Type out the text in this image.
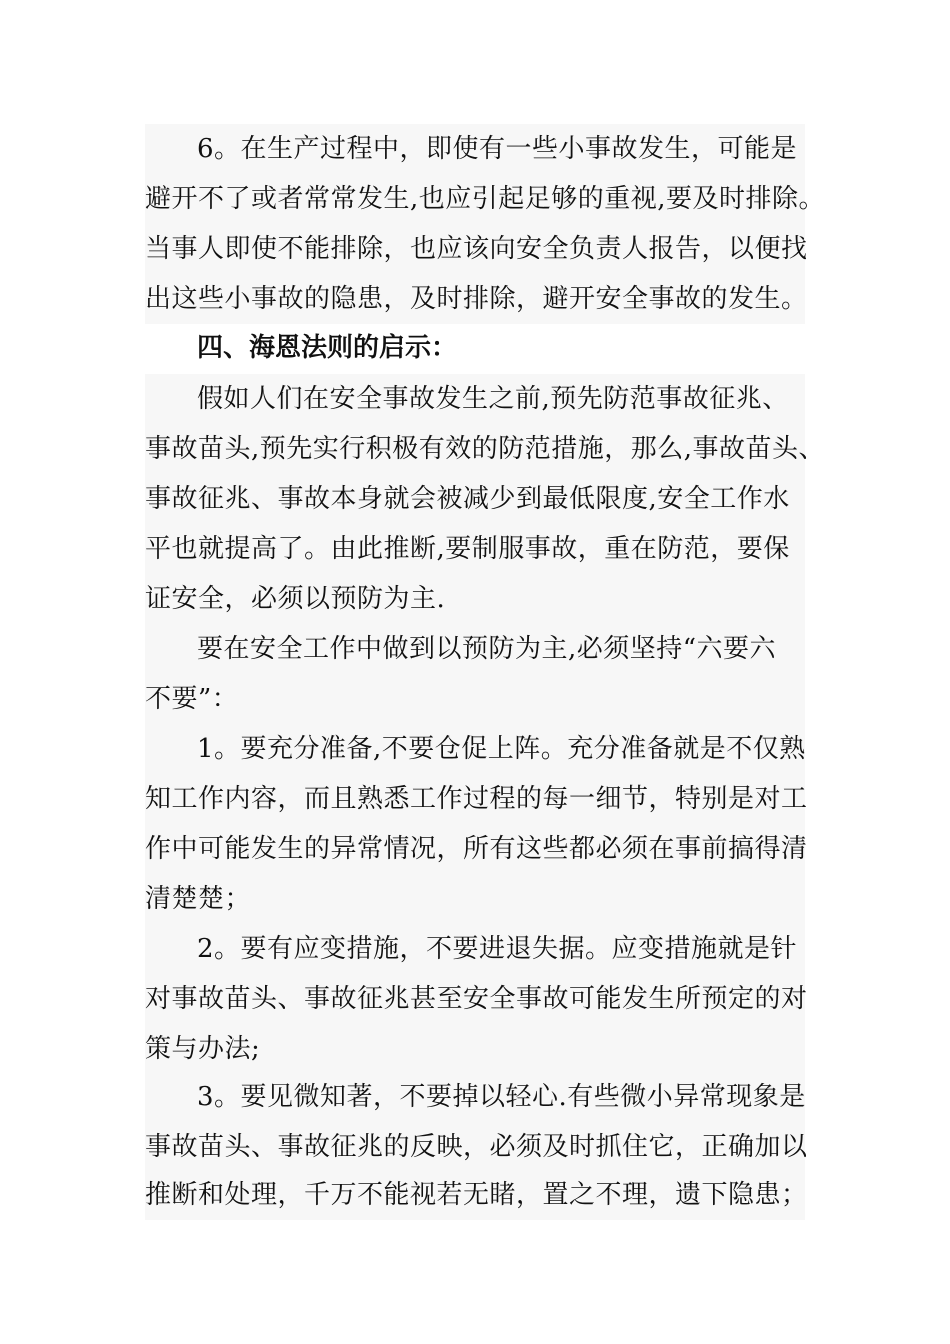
6。在生产过程中，即使有一些小事故发生，可能是
避开不了或者常常发生,也应引起足够的重视,要及时排除。
当事人即使不能排除，也应该向安全负责人报告，以便找
出这些小事故的隐患，及时排除，避开安全事故的发生。
四、海恩法则的启示：
假如人们在安全事故发生之前,预先防范事故征兆、
事故苗头,预先实行积极有效的防范措施，那么,事故苗头、
事故征兆、事故本身就会被减少到最低限度,安全工作水
平也就提高了。由此推断,要制服事故，重在防范，要保
证安全，必须以预防为主.
要在安全工作中做到以预防为主,必须坚持“六要六
不要”：
1。要充分准备,不要仓促上阵。充分准备就是不仅熟
知工作内容，而且熟悉工作过程的每一细节，特别是对工
作中可能发生的异常情况，所有这些都必须在事前搞得清
清楚楚；
2。要有应变措施，不要进退失据。应变措施就是针
对事故苗头、事故征兆甚至安全事故可能发生所预定的对
策与办法;
3。要见微知著，不要掉以轻心.有些微小异常现象是
事故苗头、事故征兆的反映，必须及时抓住它，正确加以
推断和处理，千万不能视若无睹，置之不理，遗下隐患；
